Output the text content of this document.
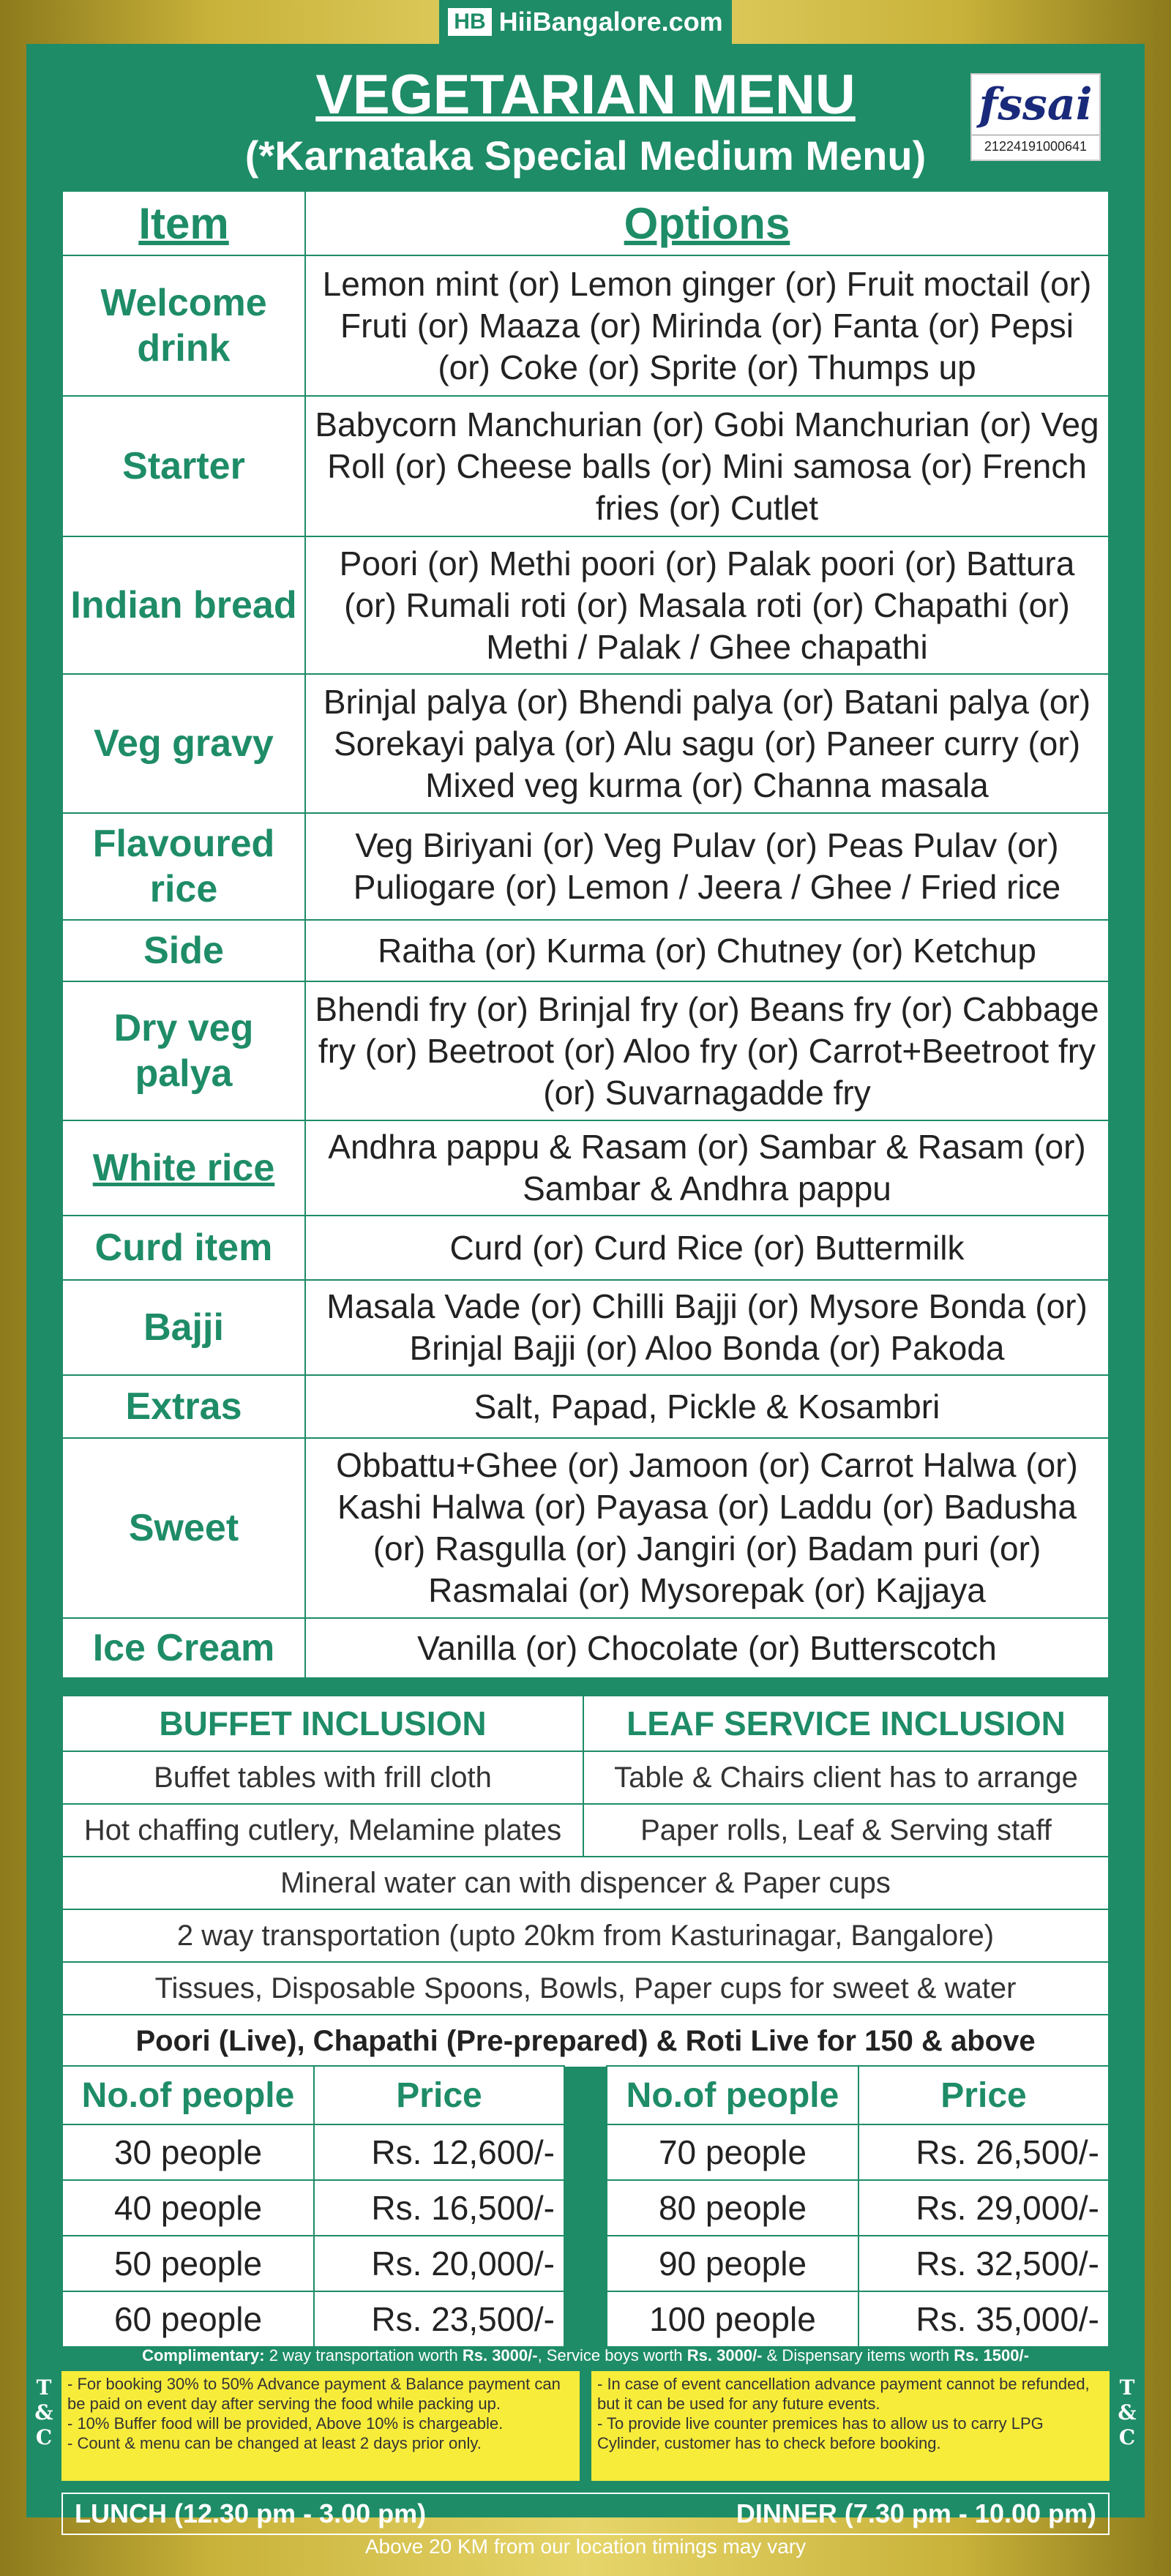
HB HiiBangalore.com
VEGETARIAN MENU
(*Karnataka Special Medium Menu)
fssai
21224191000641
Item	Options
Welcome drink	Lemon mint (or) Lemon ginger (or) Fruit moctail (or) Fruti (or) Maaza (or) Mirinda (or) Fanta (or) Pepsi (or) Coke (or) Sprite (or) Thumps up
Starter	Babycorn Manchurian (or) Gobi Manchurian (or) Veg Roll (or) Cheese balls (or) Mini samosa (or) French fries (or) Cutlet
Indian bread	Poori (or) Methi poori (or) Palak poori (or) Battura (or) Rumali roti (or) Masala roti (or) Chapathi (or) Methi / Palak / Ghee chapathi
Veg gravy	Brinjal palya (or) Bhendi palya (or) Batani palya (or) Sorekayi palya (or) Alu sagu (or) Paneer curry (or) Mixed veg kurma (or) Channa masala
Flavoured rice	Veg Biriyani (or) Veg Pulav (or) Peas Pulav (or) Puliogare (or) Lemon / Jeera / Ghee / Fried rice
Side	Raitha (or) Kurma (or) Chutney (or) Ketchup
Dry veg palya	Bhendi fry (or) Brinjal fry (or) Beans fry (or) Cabbage fry (or) Beetroot (or) Aloo fry (or) Carrot+Beetroot fry (or) Suvarnagadde fry
White rice	Andhra pappu & Rasam (or) Sambar & Rasam (or) Sambar & Andhra pappu
Curd item	Curd (or) Curd Rice (or) Buttermilk
Bajji	Masala Vade (or) Chilli Bajji (or) Mysore Bonda (or) Brinjal Bajji (or) Aloo Bonda (or) Pakoda
Extras	Salt, Papad, Pickle & Kosambri
Sweet	Obbattu+Ghee (or) Jamoon (or) Carrot Halwa (or) Kashi Halwa (or) Payasa (or) Laddu (or) Badusha (or) Rasgulla (or) Jangiri (or) Badam puri (or) Rasmalai (or) Mysorepak (or) Kajjaya
Ice Cream	Vanilla (or) Chocolate (or) Butterscotch
BUFFET INCLUSION	LEAF SERVICE INCLUSION
Buffet tables with frill cloth	Table & Chairs client has to arrange
Hot chaffing cutlery, Melamine plates	Paper rolls, Leaf & Serving staff
Mineral water can with dispencer & Paper cups	
2 way transportation (upto 20km from Kasturinagar, Bangalore)	
Tissues, Disposable Spoons, Bowls, Paper cups for sweet & water	
Poori (Live), Chapathi (Pre-prepared) & Roti Live for 150 & above	
No.of people	Price
30 people	Rs. 12,600/-
40 people	Rs. 16,500/-
50 people	Rs. 20,000/-
60 people	Rs. 23,500/-
No.of people	Price
70 people	Rs. 26,500/-
80 people	Rs. 29,000/-
90 people	Rs. 32,500/-
100 people	Rs. 35,000/-
Complimentary: 2 way transportation worth Rs. 3000/-, Service boys worth Rs. 3000/- & Dispensary items worth Rs. 1500/-
T
&
C
- For booking 30% to 50% Advance payment & Balance payment can be paid on event day after serving the food while packing up.
- 10% Buffer food will be provided, Above 10% is chargeable.
- Count & menu can be changed at least 2 days prior only.
- In case of event cancellation advance payment cannot be refunded, but it can be used for any future events.
- To provide live counter premices has to allow us to carry LPG Cylinder, customer has to check before booking.
T
&
C
LUNCH (12.30 pm - 3.00 pm)	DINNER (7.30 pm - 10.00 pm)
Above 20 KM from our location timings may vary
